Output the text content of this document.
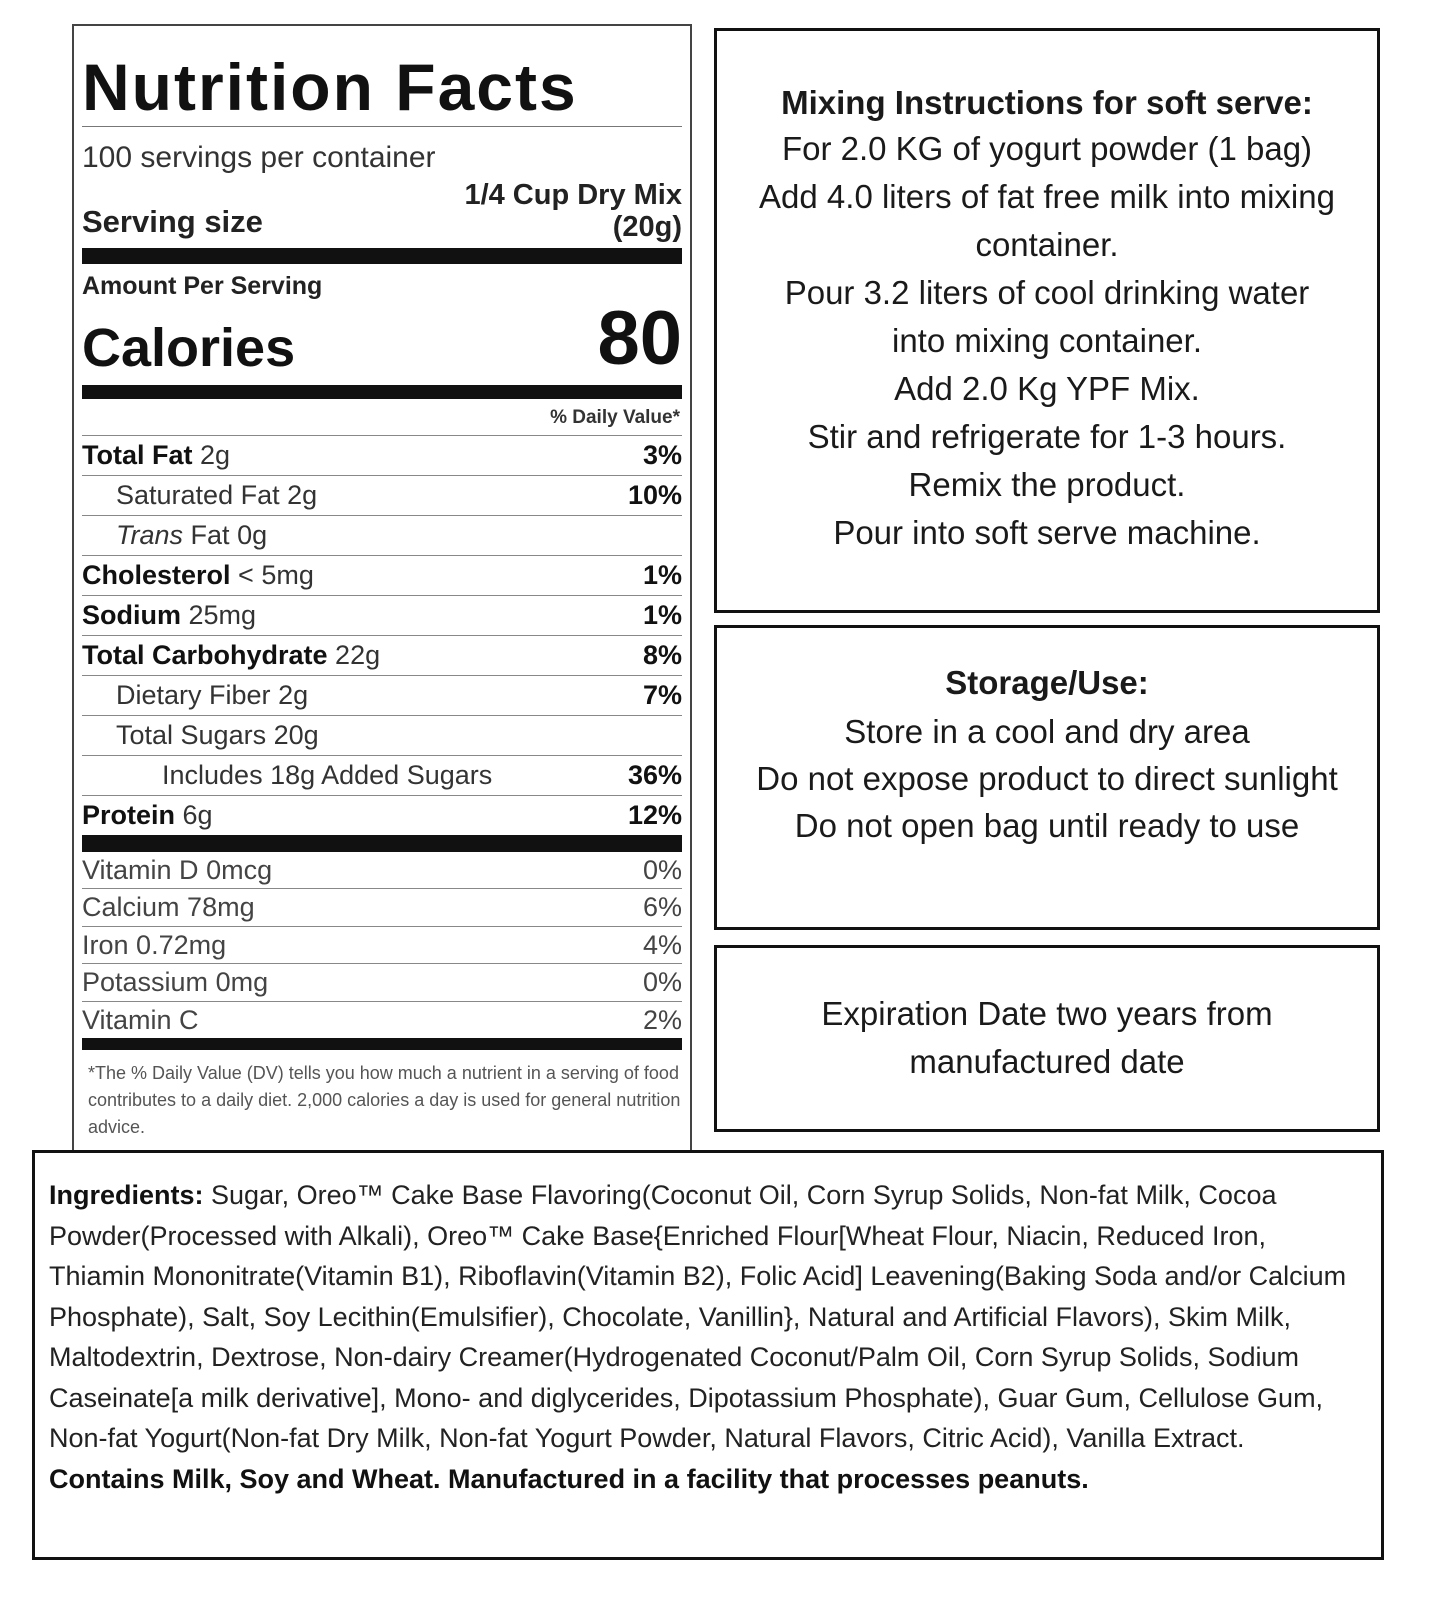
Nutrition Facts
100 servings per container
Serving size
1/4 Cup Dry Mix
(20g)
Amount Per Serving
Calories	80
% Daily Value*
Total Fat 2g	3%
Saturated Fat 2g	10%
Trans Fat 0g
Cholesterol < 5mg	1%
Sodium 25mg	1%
Total Carbohydrate 22g	8%
Dietary Fiber 2g	7%
Total Sugars 20g
Includes 18g Added Sugars	36%
Protein 6g	12%
Vitamin D 0mcg	0%
Calcium 78mg	6%
Iron 0.72mg	4%
Potassium 0mg	0%
Vitamin C	2%
*The % Daily Value (DV) tells you how much a nutrient in a serving of food contributes to a daily diet. 2,000 calories a day is used for general nutrition advice.
Mixing Instructions for soft serve:
For 2.0 KG of yogurt powder (1 bag)
Add 4.0 liters of fat free milk into mixing
container.
Pour 3.2 liters of cool drinking water
into mixing container.
Add 2.0 Kg YPF Mix.
Stir and refrigerate for 1-3 hours.
Remix the product.
Pour into soft serve machine.
Storage/Use:
Store in a cool and dry area
Do not expose product to direct sunlight
Do not open bag until ready to use
Expiration Date two years from
manufactured date
Ingredients: Sugar, Oreo™ Cake Base Flavoring(Coconut Oil, Corn Syrup Solids, Non-fat Milk, Cocoa Powder(Processed with Alkali), Oreo™ Cake Base{Enriched Flour[Wheat Flour, Niacin, Reduced Iron, Thiamin Mononitrate(Vitamin B1), Riboflavin(Vitamin B2), Folic Acid] Leavening(Baking Soda and/or Calcium Phosphate), Salt, Soy Lecithin(Emulsifier), Chocolate, Vanillin}, Natural and Artificial Flavors), Skim Milk, Maltodextrin, Dextrose, Non-dairy Creamer(Hydrogenated Coconut/Palm Oil, Corn Syrup Solids, Sodium Caseinate[a milk derivative], Mono- and diglycerides, Dipotassium Phosphate), Guar Gum, Cellulose Gum, Non-fat Yogurt(Non-fat Dry Milk, Non-fat Yogurt Powder, Natural Flavors, Citric Acid), Vanilla Extract.
Contains Milk, Soy and Wheat. Manufactured in a facility that processes peanuts.
